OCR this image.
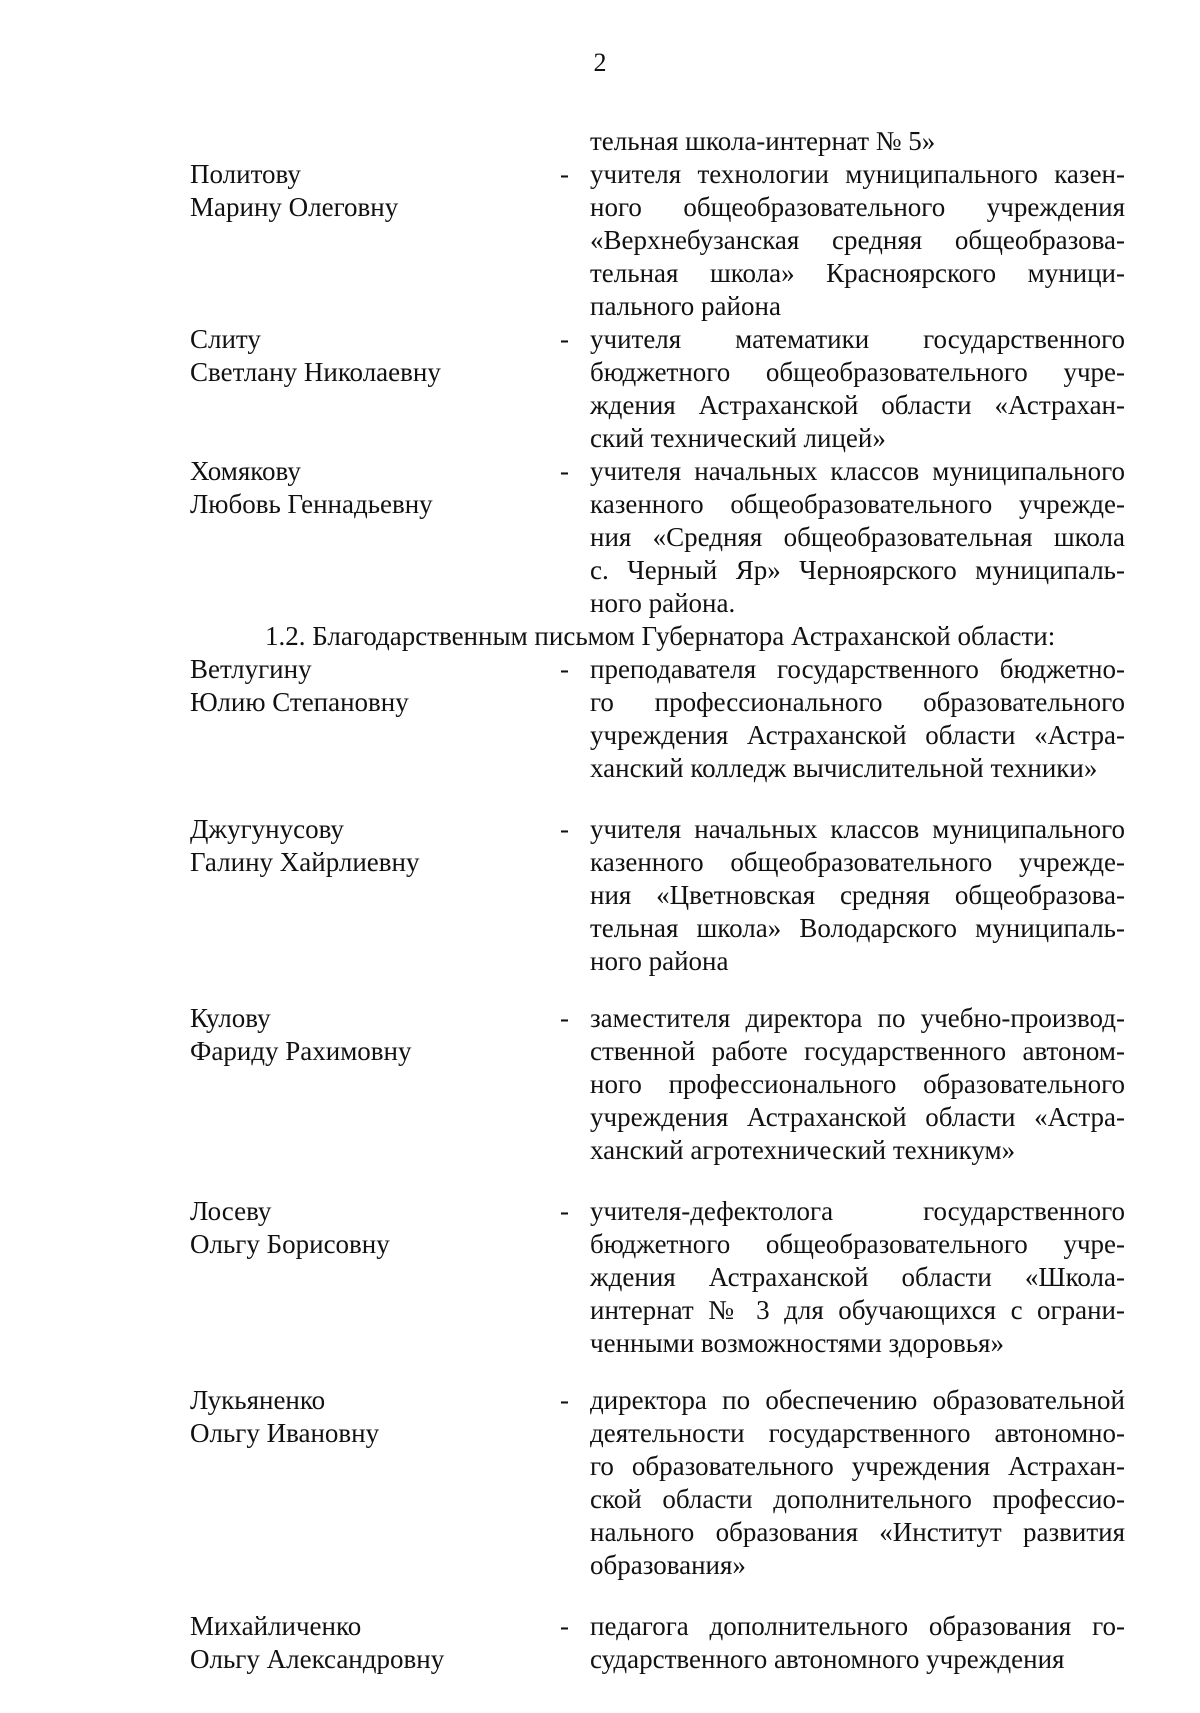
2
тельная школа-интернат № 5»
Политову
Марину Олеговну
- учителя технологии муниципального казен-
ного общеобразовательного учреждения
«Верхнебузанская средняя общеобразова-
тельная школа» Красноярского муници-
пального района
Слиту
Светлану Николаевну
- учителя математики государственного
бюджетного общеобразовательного учре-
ждения Астраханской области «Астрахан-
ский технический лицей»
Хомякову
Любовь Геннадьевну
- учителя начальных классов муниципального
казенного общеобразовательного учрежде-
ния «Средняя общеобразовательная школа
с. Черный Яр» Черноярского муниципаль-
ного района.
1.2. Благодарственным письмом Губернатора Астраханской области:
Ветлугину
Юлию Степановну
- преподавателя государственного бюджетно-
го профессионального образовательного
учреждения Астраханской области «Астра-
ханский колледж вычислительной техники»
Джугунусову
Галину Хайрлиевну
- учителя начальных классов муниципального
казенного общеобразовательного учрежде-
ния «Цветновская средняя общеобразова-
тельная школа» Володарского муниципаль-
ного района
Кулову
Фариду Рахимовну
- заместителя директора по учебно-производ-
ственной работе государственного автоном-
ного профессионального образовательного
учреждения Астраханской области «Астра-
ханский агротехнический техникум»
Лосеву
Ольгу Борисовну
- учителя-дефектолога государственного
бюджетного общеобразовательного учре-
ждения Астраханской области «Школа-
интернат № 3 для обучающихся с ограни-
ченными возможностями здоровья»
Лукьяненко
Ольгу Ивановну
- директора по обеспечению образовательной
деятельности государственного автономно-
го образовательного учреждения Астрахан-
ской области дополнительного профессио-
нального образования «Институт развития
образования»
Михайличенко
Ольгу Александровну
- педагога дополнительного образования го-
сударственного автономного учреждения
